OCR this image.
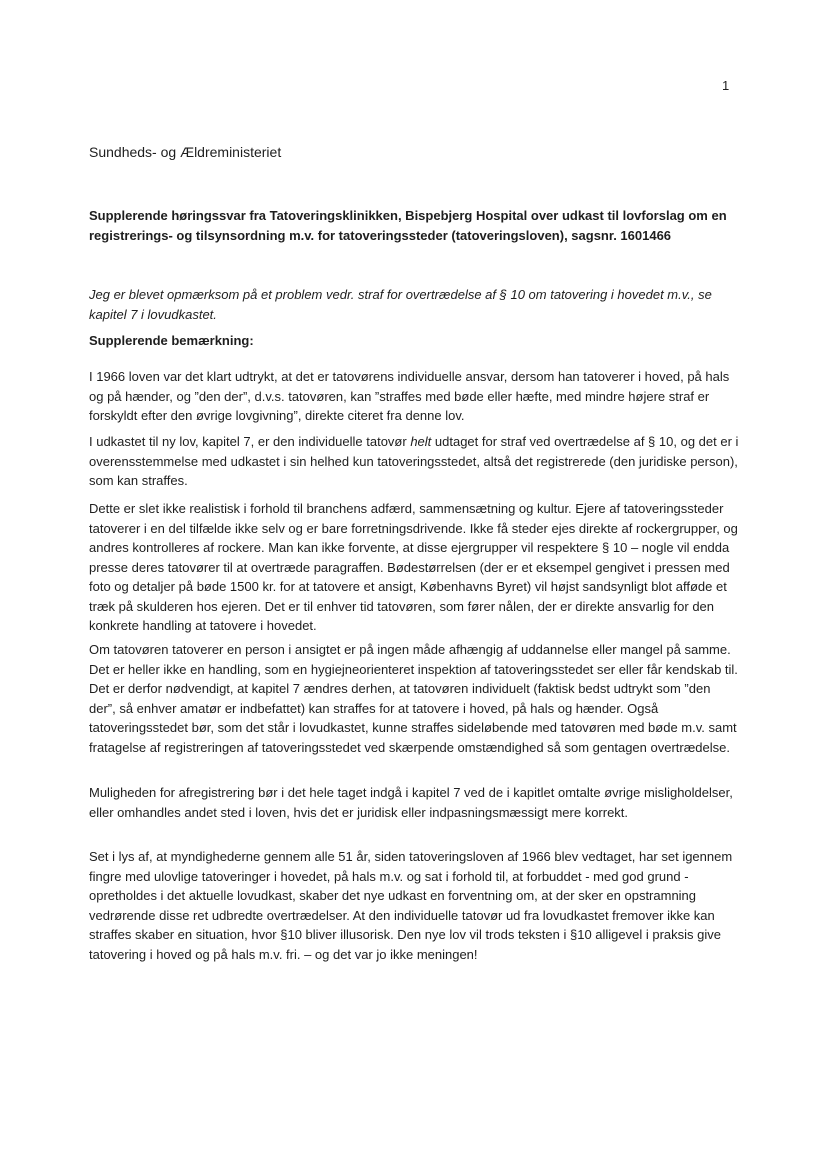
1
Sundheds- og Ældreministeriet
Supplerende høringssvar fra Tatoveringsklinikken, Bispebjerg Hospital over udkast til lovforslag om en registrerings- og tilsynsordning m.v. for tatoveringssteder (tatoveringsloven), sagsnr. 1601466
Jeg er blevet opmærksom på et problem vedr. straf for overtrædelse af § 10 om tatovering i hovedet m.v., se kapitel 7 i lovudkastet.
Supplerende bemærkning:

I 1966 loven var det klart udtrykt, at det er tatovørens individuelle ansvar, dersom han tatoverer i hoved, på hals og på hænder, og ”den der”, d.v.s. tatovøren, kan ”straffes med bøde eller hæfte, med mindre højere straf er forskyldt efter den øvrige lovgivning”, direkte citeret fra denne lov.

I udkastet til ny lov, kapitel 7, er den individuelle tatovør helt udtaget for straf ved overtrædelse af § 10, og det er i overensstemmelse med udkastet i sin helhed kun tatoveringsstedet, altså det registrerede (den juridiske person), som kan straffes.

Dette er slet ikke realistisk i forhold til branchens adfærd, sammensætning og kultur. Ejere af tatoveringssteder tatoverer i en del tilfælde ikke selv og er bare forretningsdrivende. Ikke få steder ejes direkte af rockergrupper, og andres kontrolleres af rockere. Man kan ikke forvente, at disse ejergrupper vil respektere § 10 – nogle vil endda presse deres tatovører til at overtræde paragraffen. Bødestørrelsen (der er et eksempel gengivet i pressen med foto og detaljer på bøde 1500 kr. for at tatovere et ansigt, Københavns Byret) vil højst sandsynligt blot afføde et træk på skulderen hos ejeren. Det er til enhver tid tatovøren, som fører nålen, der er direkte ansvarlig for den konkrete handling at tatovere i hovedet.

Om tatovøren tatoverer en person i ansigtet er på ingen måde afhængig af uddannelse eller mangel på samme. Det er heller ikke en handling, som en hygiejneorienteret inspektion af tatoveringsstedet ser eller får kendskab til. Det er derfor nødvendigt, at kapitel 7 ændres derhen, at tatovøren individuelt (faktisk bedst udtrykt som ”den der”, så enhver amatør er indbefattet) kan straffes for at tatovere i hoved, på hals og hænder. Også tatoveringsstedet bør, som det står i lovudkastet, kunne straffes sideløbende med tatovøren med bøde m.v. samt fratagelse af registreringen af tatoveringsstedet ved skærpende omstændighed så som gentagen overtrædelse.

Muligheden for afregistrering bør i det hele taget indgå i kapitel 7 ved de i kapitlet omtalte øvrige misligholdelser, eller omhandles andet sted i loven, hvis det er juridisk eller indpasningsmæssigt mere korrekt.

Set i lys af, at myndighederne gennem alle 51 år, siden tatoveringsloven af 1966 blev vedtaget, har set igennem fingre med ulovlige tatoveringer i hovedet, på hals m.v. og sat i forhold til, at forbuddet - med god grund - opretholdes i det aktuelle lovudkast, skaber det nye udkast en forventning om, at der sker en opstramning vedrørende disse ret udbredte overtrædelser. At den individuelle tatovør ud fra lovudkastet fremover ikke kan straffes skaber en situation, hvor §10 bliver illusorisk. Den nye lov vil trods teksten i §10 alligevel i praksis give tatovering i hoved og på hals m.v. fri. – og det var jo ikke meningen!
